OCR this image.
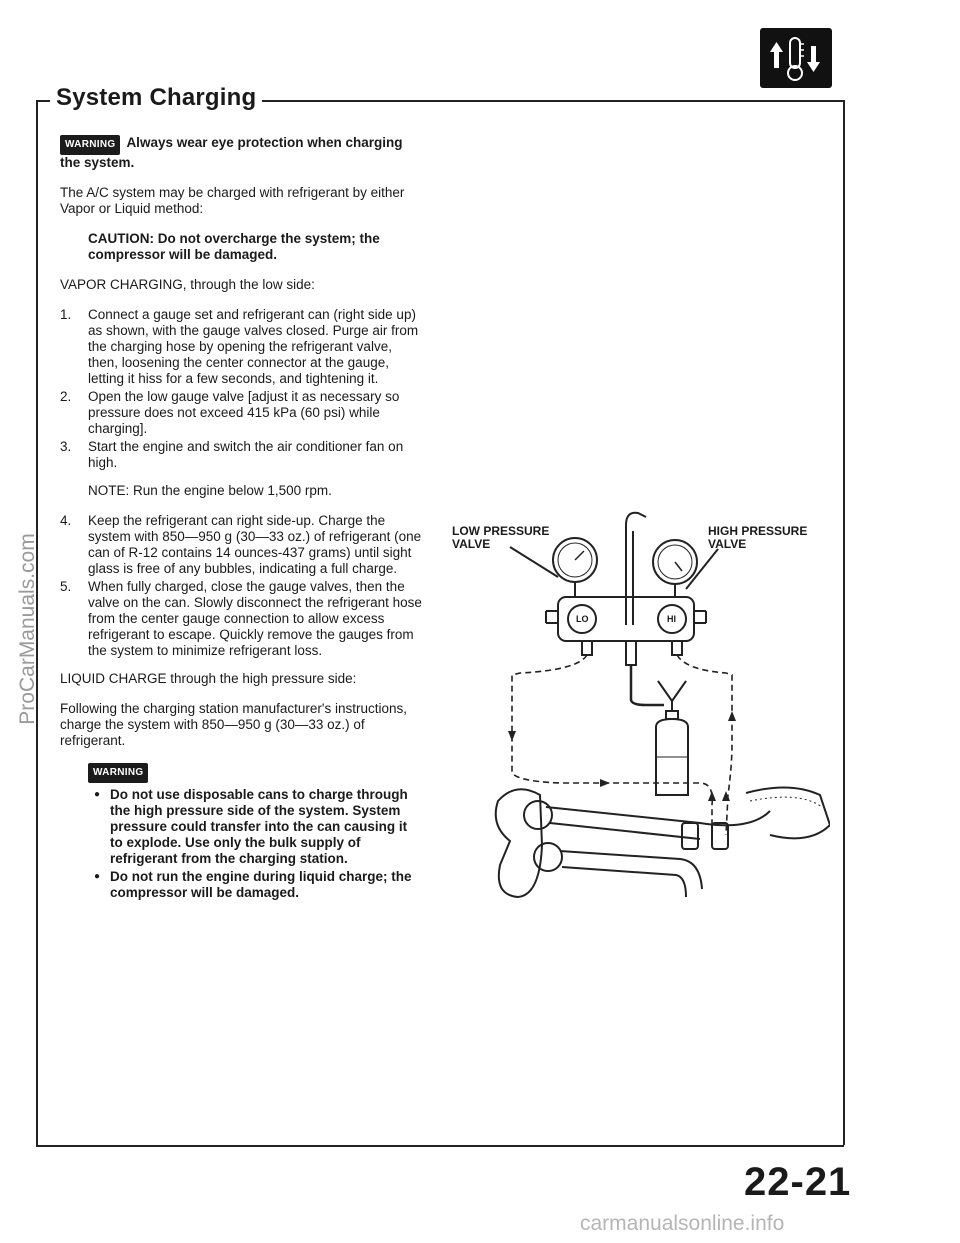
System Charging

WARNING Always wear eye protection when charging the system.

The A/C system may be charged with refrigerant by either Vapor or Liquid method:

CAUTION: Do not overcharge the system; the compressor will be damaged.

VAPOR CHARGING, through the low side:

1. Connect a gauge set and refrigerant can (right side up) as shown, with the gauge valves closed. Purge air from the charging hose by opening the refrigerant valve, then, loosening the center connector at the gauge, letting it hiss for a few seconds, and tightening it.
2. Open the low gauge valve [adjust it as necessary so pressure does not exceed 415 kPa (60 psi) while charging].
3. Start the engine and switch the air conditioner fan on high.

NOTE: Run the engine below 1,500 rpm.

4. Keep the refrigerant can right side-up. Charge the system with 850—950 g (30—33 oz.) of refrigerant (one can of R-12 contains 14 ounces-437 grams) until sight glass is free of any bubbles, indicating a full charge.
5. When fully charged, close the gauge valves, then the valve on the can. Slowly disconnect the refrigerant hose from the center gauge connection to allow excess refrigerant to escape. Quickly remove the gauges from the system to minimize refrigerant loss.

LIQUID CHARGE through the high pressure side:

Following the charging station manufacturer's instructions, charge the system with 850—950 g (30—33 oz.) of refrigerant.

WARNING
● Do not use disposable cans to charge through the high pressure side of the system. System pressure could transfer into the can causing it to explode. Use only the bulk supply of refrigerant from the charging station.
● Do not run the engine during liquid charge; the compressor will be damaged.
LOW PRESSURE
VALVE
HIGH PRESSURE
VALVE
LO	HI
22-21
ProCarManuals.com
carmanualsonline.info
